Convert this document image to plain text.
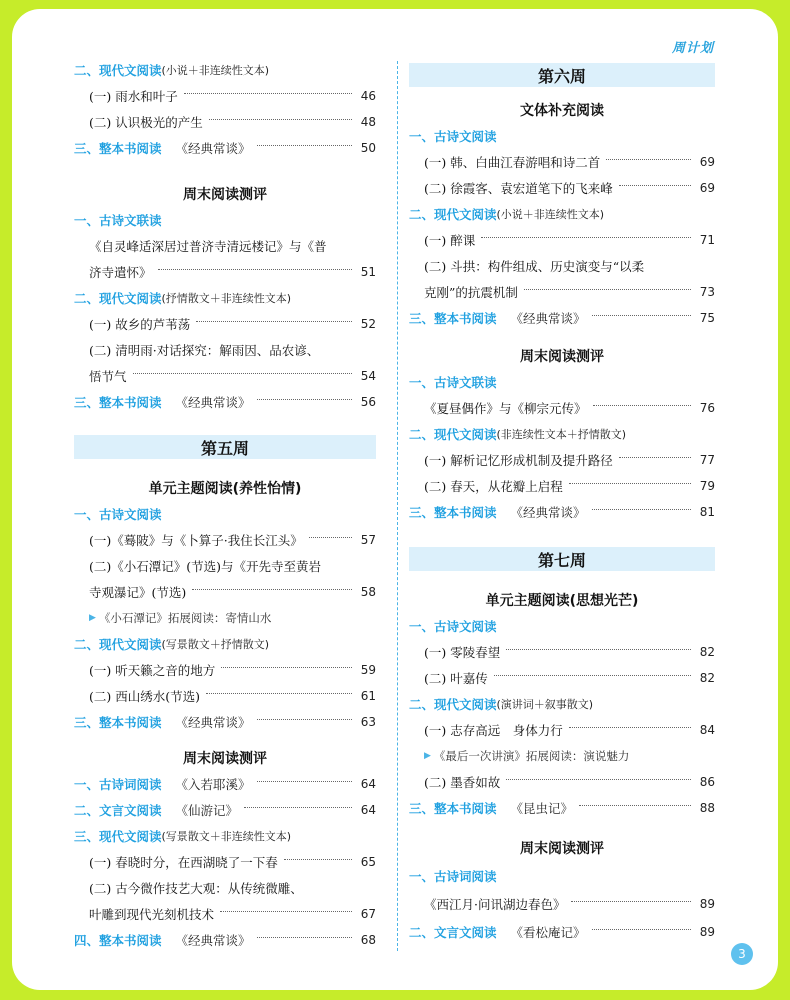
周计划
二、现代文阅读 (小说＋非连续性文本)
(一) 雨水和叶子	46
(二) 认识极光的产生	48
三、整本书阅读 《经典常谈》	50
周末阅读测评
一、古诗文联读
《自灵峰适深居过普济寺清远楼记》与《普
济寺遣怀》	51
二、现代文阅读 (抒情散文＋非连续性文本)
(一) 故乡的芦苇荡	52
(二) 清明雨·对话探究：解雨因、品农谚、
悟节气	54
三、整本书阅读 《经典常谈》	56
第五周
单元主题阅读(养性怡情)
一、古诗文阅读
(一)《蓦陂》与《卜算子·我住长江头》	57
(二)《小石潭记》(节选)与《开先寺至黄岩
寺观瀑记》(节选)	58
▶ 《小石潭记》拓展阅读：寄情山水
二、现代文阅读 (写景散文＋抒情散文)
(一) 听天籁之音的地方	59
(二) 西山绣水(节选)	61
三、整本书阅读 《经典常谈》	63
周末阅读测评
一、古诗词阅读 《入若耶溪》	64
二、文言文阅读 《仙游记》	64
三、现代文阅读 (写景散文＋非连续性文本)
(一) 春晓时分，在西湖晓了一下春	65
(二) 古今微作技艺大观：从传统微雕、
叶雕到现代光刻机技术	67
四、整本书阅读 《经典常谈》	68
第六周
文体补充阅读
一、古诗文阅读
(一) 韩、白曲江春游唱和诗二首	69
(二) 徐霞客、袁宏道笔下的飞来峰	69
二、现代文阅读 (小说＋非连续性文本)
(一) 醉课	71
(二) 斗拱：构件组成、历史演变与“以柔
克刚”的抗震机制	73
三、整本书阅读 《经典常谈》	75
周末阅读测评
一、古诗文联读
《夏昼偶作》与《柳宗元传》	76
二、现代文阅读 (非连续性文本＋抒情散文)
(一) 解析记忆形成机制及提升路径	77
(二) 春天，从花瓣上启程	79
三、整本书阅读 《经典常谈》	81
第七周
单元主题阅读(思想光芒)
一、古诗文阅读
(一) 零陵春望	82
(二) 叶嘉传	82
二、现代文阅读 (演讲词＋叙事散文)
(一) 志存高远　身体力行	84
▶ 《最后一次讲演》拓展阅读：演说魅力
(二) 墨香如故	86
三、整本书阅读 《昆虫记》	88
周末阅读测评
一、古诗词阅读
《西江月·问讯湖边春色》	89
二、文言文阅读 《看松庵记》	89
3
